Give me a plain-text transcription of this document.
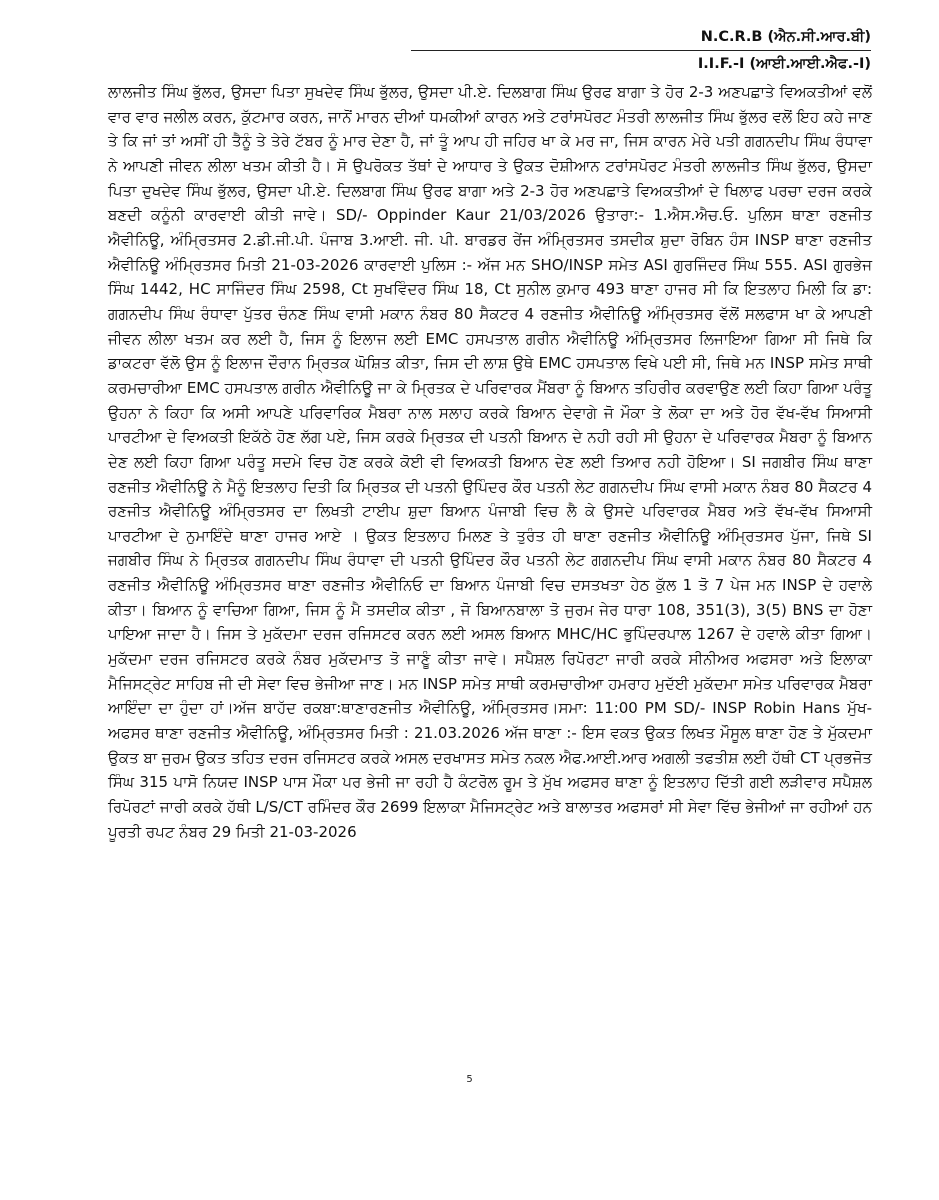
N.C.R.B (ਐਨ.ਸੀ.ਆਰ.ਬੀ)
I.I.F.-I (ਆਈ.ਆਈ.ਐਫ.-I)

ਲਾਲਜੀਤ ਸਿੰਘ ਭੁੱਲਰ, ਉਸਦਾ ਪਿਤਾ ਸੁਖਦੇਵ ਸਿੰਘ ਭੁੱਲਰ, ਉਸਦਾ ਪੀ.ਏ. ਦਿਲਬਾਗ ਸਿੰਘ ਉਰਫ ਬਾਗਾ ਤੇ ਹੋਰ 2-3 ਅਣਪਛਾਤੇ ਵਿਅਕਤੀਆਂ ਵਲੋਂ ਵਾਰ ਵਾਰ ਜਲੀਲ ਕਰਨ, ਕੁੱਟਮਾਰ ਕਰਨ, ਜਾਨੋਂ ਮਾਰਨ ਦੀਆਂ ਧਮਕੀਆਂ ਕਾਰਨ ਅਤੇ ਟਰਾਂਸਪੋਰਟ ਮੰਤਰੀ ਲਾਲਜੀਤ ਸਿੰਘ ਭੁੱਲਰ ਵਲੋਂ ਇਹ ਕਹੇ ਜਾਣ ਤੇ ਕਿ ਜਾਂ ਤਾਂ ਅਸੀਂ ਹੀ ਤੈਨੂੰ ਤੇ ਤੇਰੇ ਟੱਬਰ ਨੂੰ ਮਾਰ ਦੇਣਾ ਹੈ, ਜਾਂ ਤੂੰ ਆਪ ਹੀ ਜਹਿਰ ਖਾ ਕੇ ਮਰ ਜਾ, ਜਿਸ ਕਾਰਨ ਮੇਰੇ ਪਤੀ ਗਗਨਦੀਪ ਸਿੰਘ ਰੰਧਾਵਾ ਨੇ ਆਪਣੀ ਜੀਵਨ ਲੀਲਾ ਖਤਮ ਕੀਤੀ ਹੈ। ਸੋ ਉਪਰੋਕਤ ਤੱਥਾਂ ਦੇ ਆਧਾਰ ਤੇ ਉਕਤ ਦੋਸ਼ੀਆਨ ਟਰਾਂਸਪੋਰਟ ਮੰਤਰੀ ਲਾਲਜੀਤ ਸਿੰਘ ਭੁੱਲਰ, ਉਸਦਾ ਪਿਤਾ ਦੁਖਦੇਵ ਸਿੰਘ ਭੁੱਲਰ, ਉਸਦਾ ਪੀ.ਏ. ਦਿਲਬਾਗ ਸਿੰਘ ਉਰਫ ਬਾਗਾ ਅਤੇ 2-3 ਹੋਰ ਅਣਪਛਾਤੇ ਵਿਅਕਤੀਆਂ ਦੇ ਖਿਲਾਫ ਪਰਚਾ ਦਰਜ ਕਰਕੇ ਬਣਦੀ ਕਨੂੰਨੀ ਕਾਰਵਾਈ ਕੀਤੀ ਜਾਵੇ। SD/- Oppinder Kaur 21/03/2026 ਉਤਾਰਾ:- 1.ਐਸ.ਐਚ.ਓ. ਪੁਲਿਸ ਥਾਣਾ ਰਣਜੀਤ ਐਵੀਨਿਊ, ਅੰਮ੍ਰਿਤਸਰ 2.ਡੀ.ਜੀ.ਪੀ. ਪੰਜਾਬ 3.ਆਈ. ਜੀ. ਪੀ. ਬਾਰਡਰ ਰੇਂਜ ਅੰਮ੍ਰਿਤਸਰ ਤਸਦੀਕ ਸ਼ੁਦਾ ਰੋਬਿਨ ਹੰਸ INSP ਥਾਣਾ ਰਣਜੀਤ ਐਵੀਨਿਊ ਅੰਮ੍ਰਿਤਸਰ ਮਿਤੀ 21-03-2026 ਕਾਰਵਾਈ ਪੁਲਿਸ :- ਅੱਜ ਮਨ SHO/INSP ਸਮੇਤ ASI ਗੁਰਜਿੰਦਰ ਸਿੰਘ 555. ASI ਗੁਰਭੇਜ ਸਿੰਘ 1442, HC ਸਾਜਿੰਦਰ ਸਿੰਘ 2598, Ct ਸੁਖਵਿੰਦਰ ਸਿੰਘ 18, Ct ਸੁਨੀਲ ਕੁਮਾਰ 493 ਥਾਣਾ ਹਾਜਰ ਸੀ ਕਿ ਇਤਲਾਹ ਮਿਲੀ ਕਿ ਡਾ: ਗਗਨਦੀਪ ਸਿੰਘ ਰੰਧਾਵਾ ਪੁੱਤਰ ਚੰਨਣ ਸਿੰਘ ਵਾਸੀ ਮਕਾਨ ਨੰਬਰ 80 ਸੈਕਟਰ 4 ਰਣਜੀਤ ਐਵੀਨਿਊ ਅੰਮ੍ਰਿਤਸਰ ਵੱਲੋਂ ਸਲਫਾਸ ਖਾ ਕੇ ਆਪਣੀ ਜੀਵਨ ਲੀਲਾ ਖਤਮ ਕਰ ਲਈ ਹੈ, ਜਿਸ ਨੂੰ ਇਲਾਜ ਲਈ EMC ਹਸਪਤਾਲ ਗਰੀਨ ਐਵੀਨਿਊ ਅੰਮ੍ਰਿਤਸਰ ਲਿਜਾਇਆ ਗਿਆ ਸੀ ਜਿਥੇ ਕਿ ਡਾਕਟਰਾ ਵੱਲੋ ਉਸ ਨੂੰ ਇਲਾਜ ਦੌਰਾਨ ਮ੍ਰਿਤਕ ਘੋਸ਼ਿਤ ਕੀਤਾ, ਜਿਸ ਦੀ ਲਾਸ਼ ਉਥੇ EMC ਹਸਪਤਾਲ ਵਿਖੇ ਪਈ ਸੀ, ਜਿਥੇ ਮਨ INSP ਸਮੇਤ ਸਾਥੀ ਕਰਮਚਾਰੀਆ EMC ਹਸਪਤਾਲ ਗਰੀਨ ਐਵੀਨਿਊ ਜਾ ਕੇ ਮ੍ਰਿਤਕ ਦੇ ਪਰਿਵਾਰਕ ਮੈਂਬਰਾ ਨੂੰ ਬਿਆਨ ਤਹਿਰੀਰ ਕਰਵਾਉਣ ਲਈ ਕਿਹਾ ਗਿਆ ਪਰੰਤੂ ਉਹਨਾ ਨੇ ਕਿਹਾ ਕਿ ਅਸੀ ਆਪਣੇ ਪਰਿਵਾਰਿਕ ਮੈਬਰਾ ਨਾਲ ਸਲਾਹ ਕਰਕੇ ਬਿਆਨ ਦੇਵਾਗੇ ਜੋ ਮੌਕਾ ਤੇ ਲੋਕਾ ਦਾ ਅਤੇ ਹੋਰ ਵੱਖ-ਵੱਖ ਸਿਆਸੀ ਪਾਰਟੀਆ ਦੇ ਵਿਅਕਤੀ ਇਕੱਠੇ ਹੋਣ ਲੱਗ ਪਏ, ਜਿਸ ਕਰਕੇ ਮ੍ਰਿਤਕ ਦੀ ਪਤਨੀ ਬਿਆਨ ਦੇ ਨਹੀ ਰਹੀ ਸੀ ਉਹਨਾ ਦੇ ਪਰਿਵਾਰਕ ਮੈਬਰਾ ਨੂੰ ਬਿਆਨ ਦੇਣ ਲਈ ਕਿਹਾ ਗਿਆ ਪਰੰਤੂ ਸਦਮੇ ਵਿਚ ਹੋਣ ਕਰਕੇ ਕੋਈ ਵੀ ਵਿਅਕਤੀ ਬਿਆਨ ਦੇਣ ਲਈ ਤਿਆਰ ਨਹੀ ਹੋਇਆ। SI ਜਗਬੀਰ ਸਿੰਘ ਥਾਣਾ ਰਣਜੀਤ ਐਵੀਨਿਊ ਨੇ ਮੈਨੂੰ ਇਤਲਾਹ ਦਿਤੀ ਕਿ ਮ੍ਰਿਤਕ ਦੀ ਪਤਨੀ ਉਪਿੰਦਰ ਕੌਰ ਪਤਨੀ ਲੇਟ ਗਗਨਦੀਪ ਸਿੰਘ ਵਾਸੀ ਮਕਾਨ ਨੰਬਰ 80 ਸੈਕਟਰ 4 ਰਣਜੀਤ ਐਵੀਨਿਊ ਅੰਮ੍ਰਿਤਸਰ ਦਾ ਲਿਖਤੀ ਟਾਈਪ ਸ਼ੁਦਾ ਬਿਆਨ ਪੰਜਾਬੀ ਵਿਚ ਲੈ ਕੇ ਉਸਦੇ ਪਰਿਵਾਰਕ ਮੈਬਰ ਅਤੇ ਵੱਖ-ਵੱਖ ਸਿਆਸੀ ਪਾਰਟੀਆ ਦੇ ਨੁਮਾਇੰਦੇ ਥਾਣਾ ਹਾਜਰ ਆਏ । ਉਕਤ ਇਤਲਾਹ ਮਿਲਣ ਤੇ ਤੁਰੰਤ ਹੀ ਥਾਣਾ ਰਣਜੀਤ ਐਵੀਨਿਊ ਅੰਮ੍ਰਿਤਸਰ ਪੁੱਜਾ, ਜਿਥੇ SI ਜਗਬੀਰ ਸਿੰਘ ਨੇ ਮ੍ਰਿਤਕ ਗਗਨਦੀਪ ਸਿੰਘ ਰੰਧਾਵਾ ਦੀ ਪਤਨੀ ਉਪਿੰਦਰ ਕੌਰ ਪਤਨੀ ਲੇਟ ਗਗਨਦੀਪ ਸਿੰਘ ਵਾਸੀ ਮਕਾਨ ਨੰਬਰ 80 ਸੈਕਟਰ 4 ਰਣਜੀਤ ਐਵੀਨਿਊ ਅੰਮ੍ਰਿਤਸਰ ਥਾਣਾ ਰਣਜੀਤ ਐਵੀਨਿਓ ਦਾ ਬਿਆਨ ਪੰਜਾਬੀ ਵਿਚ ਦਸਤਖਤਾ ਹੇਠ ਕੁੱਲ 1 ਤੋ 7 ਪੇਜ ਮਨ INSP ਦੇ ਹਵਾਲੇ ਕੀਤਾ। ਬਿਆਨ ਨੂੰ ਵਾਚਿਆ ਗਿਆ, ਜਿਸ ਨੂੰ ਮੈ ਤਸਦੀਕ ਕੀਤਾ , ਜੋ ਬਿਆਨਬਾਲਾ ਤੋ ਜੁਰਮ ਜੇਰ ਧਾਰਾ 108, 351(3), 3(5) BNS ਦਾ ਹੋਣਾ ਪਾਇਆ ਜਾਦਾ ਹੈ। ਜਿਸ ਤੇ ਮੁਕੱਦਮਾ ਦਰਜ ਰਜਿਸਟਰ ਕਰਨ ਲਈ ਅਸਲ ਬਿਆਨ MHC/HC ਭੁਪਿੰਦਰਪਾਲ 1267 ਦੇ ਹਵਾਲੇ ਕੀਤਾ ਗਿਆ। ਮੁਕੱਦਮਾ ਦਰਜ ਰਜਿਸਟਰ ਕਰਕੇ ਨੰਬਰ ਮੁਕੱਦਮਾਤ ਤੋ ਜਾਣੂੰ ਕੀਤਾ ਜਾਵੇ। ਸਪੈਸ਼ਲ ਰਿਪੋਰਟਾ ਜਾਰੀ ਕਰਕੇ ਸੀਨੀਅਰ ਅਫਸਰਾ ਅਤੇ ਇਲਾਕਾ ਮੈਜਿਸਟ੍ਰੇਟ ਸਾਹਿਬ ਜੀ ਦੀ ਸੇਵਾ ਵਿਚ ਭੇਜੀਆ ਜਾਣ। ਮਨ INSP ਸਮੇਤ ਸਾਥੀ ਕਰਮਚਾਰੀਆ ਹਮਰਾਹ ਮੁਦੱਈ ਮੁਕੱਦਮਾ ਸਮੇਤ ਪਰਿਵਾਰਕ ਮੈਬਰਾ ਆਇੰਦਾ ਦਾ ਹੁੰਦਾ ਹਾਂ।ਅੱਜ ਬਾਹੱਦ ਰਕਬਾ:ਥਾਣਾਰਣਜੀਤ ਐਵੀਨਿਊ, ਅੰਮ੍ਰਿਤਸਰ।ਸਮਾ: 11:00 PM SD/- INSP Robin Hans ਮੁੱਖ-ਅਫਸਰ ਥਾਣਾ ਰਣਜੀਤ ਐਵੀਨਿਊ, ਅੰਮ੍ਰਿਤਸਰ ਮਿਤੀ : 21.03.2026 ਅੱਜ ਥਾਣਾ :- ਇਸ ਵਕਤ ਉਕਤ ਲਿਖਤ ਮੌਸੂਲ ਥਾਣਾ ਹੋਣ ਤੇ ਮੁੱਕਦਮਾ ਉਕਤ ਬਾ ਜੁਰਮ ਉਕਤ ਤਹਿਤ ਦਰਜ ਰਜਿਸਟਰ ਕਰਕੇ ਅਸਲ ਦਰਖਾਸਤ ਸਮੇਤ ਨਕਲ ਐਫ.ਆਈ.ਆਰ ਅਗਲੀ ਤਫਤੀਸ਼ ਲਈ ਹੱਥੀ CT ਪ੍ਰਭਜੋਤ ਸਿੰਘ 315 ਪਾਸੋ ਨਿਯਦ INSP ਪਾਸ ਮੌਕਾ ਪਰ ਭੇਜੀ ਜਾ ਰਹੀ ਹੈ ਕੰਟਰੋਲ ਰੂਮ ਤੇ ਮੁੱਖ ਅਫਸਰ ਥਾਣਾ ਨੂੰ ਇਤਲਾਹ ਦਿੱਤੀ ਗਈ ਲੜੀਵਾਰ ਸਪੈਸ਼ਲ ਰਿਪੋਰਟਾਂ ਜਾਰੀ ਕਰਕੇ ਹੱਥੀ L/S/CT ਰਮਿੰਦਰ ਕੌਰ 2699 ਇਲਾਕਾ ਮੈਜਿਸਟ੍ਰੇਟ ਅਤੇ ਬਾਲਾਤਰ ਅਫਸਰਾਂ ਸੀ ਸੇਵਾ ਵਿੱਚ ਭੇਜੀਆਂ ਜਾ ਰਹੀਆਂ ਹਨ ਪੂਰਤੀ ਰਪਟ ਨੰਬਰ 29 ਮਿਤੀ 21-03-2026

5
